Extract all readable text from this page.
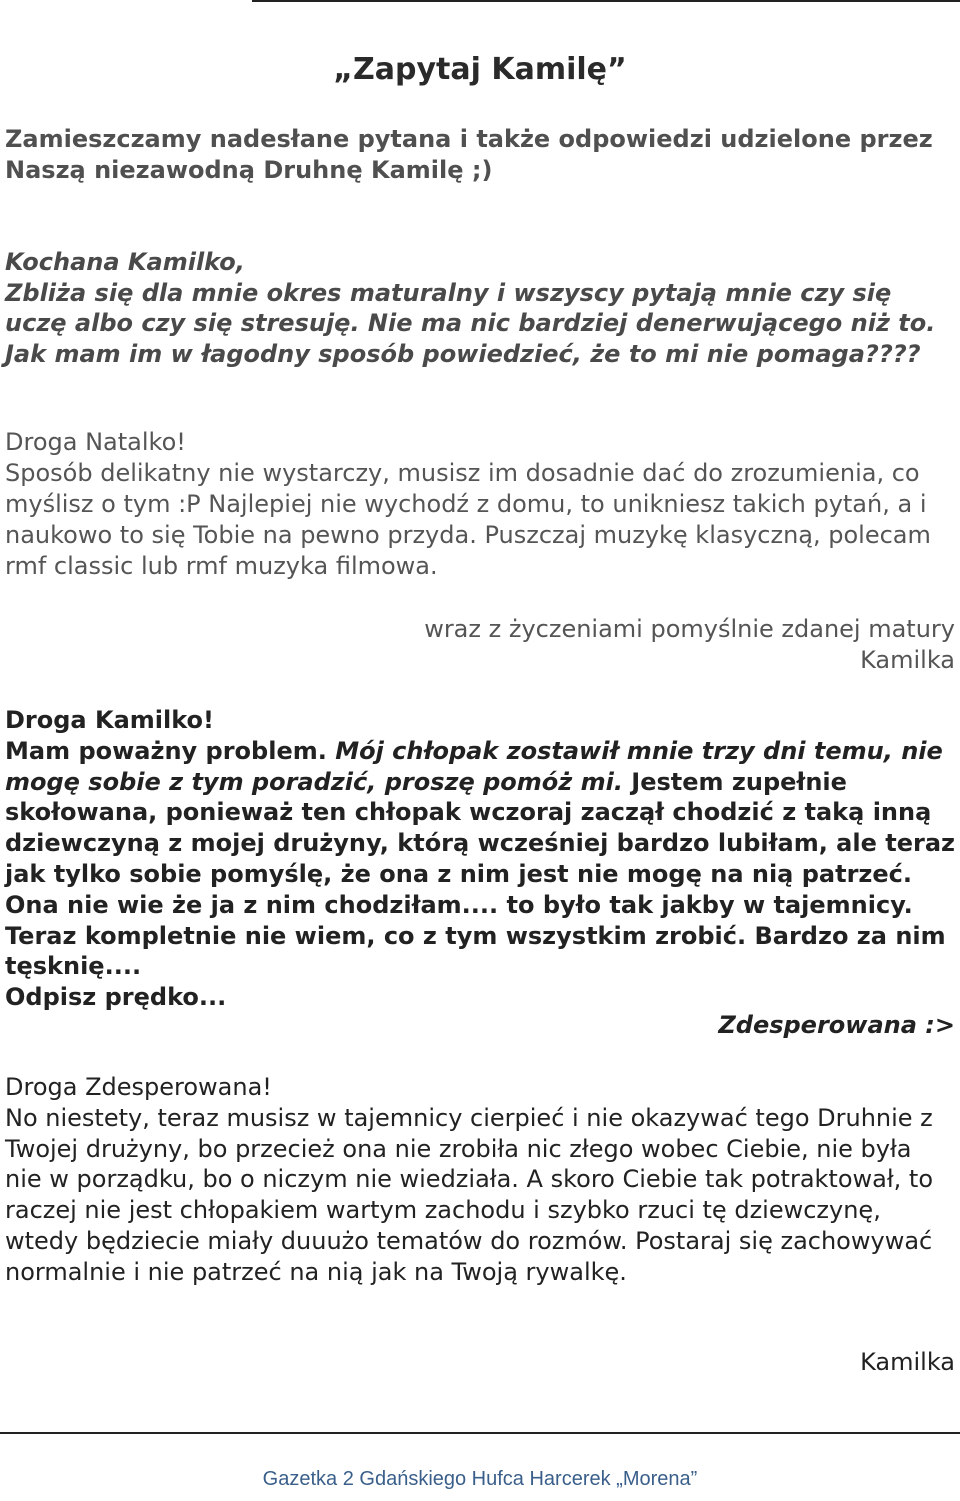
„Zapytaj Kamilę”

Zamieszczamy nadesłane pytana i także odpowiedzi udzielone przez Naszą niezawodną Druhnę Kamilę ;)

Kochana Kamilko,

Zbliża się dla mnie okres maturalny i wszyscy pytają mnie czy się uczę albo czy się stresuję. Nie ma nic bardziej denerwującego niż to. Jak mam im w łagodny sposób powiedzieć, że to mi nie pomaga????

Droga Natalko!

Sposób delikatny nie wystarczy, musisz im dosadnie dać do zrozumienia, co myślisz o tym :P Najlepiej nie wychodź z domu, to unikniesz takich pytań, a i naukowo to się Tobie na pewno przyda. Puszczaj muzykę klasyczną, polecam rmf classic lub rmf muzyka filmowa.

wraz z życzeniami pomyślnie zdanej matury

Kamilka

Droga Kamilko!

Mam poważny problem. Mój chłopak zostawił mnie trzy dni temu, nie mogę sobie z tym poradzić, proszę pomóż mi. Jestem zupełnie skołowana, ponieważ ten chłopak wczoraj zaczął chodzić z taką inną dziewczyną z mojej drużyny, którą wcześniej bardzo lubiłam, ale teraz jak tylko sobie pomyślę, że ona z nim jest nie mogę na nią patrzeć. Ona nie wie że ja z nim chodziłam.... to było tak jakby w tajemnicy. Teraz kompletnie nie wiem, co z tym wszystkim zrobić. Bardzo za nim tęsknię....

Odpisz prędko...

Zdesperowana :>

Droga Zdesperowana!

No niestety, teraz musisz w tajemnicy cierpieć i nie okazywać tego Druhnie z Twojej drużyny, bo przecież ona nie zrobiła nic złego wobec Ciebie, nie była nie w porządku, bo o niczym nie wiedziała. A skoro Ciebie tak potraktował, to raczej nie jest chłopakiem wartym zachodu i szybko rzuci tę dziewczynę, wtedy będziecie miały duuużo tematów do rozmów. Postaraj się zachowywać normalnie i nie patrzeć na nią jak na Twoją rywalkę.

Kamilka
Gazetka 2 Gdańskiego Hufca Harcerek „Morena”
